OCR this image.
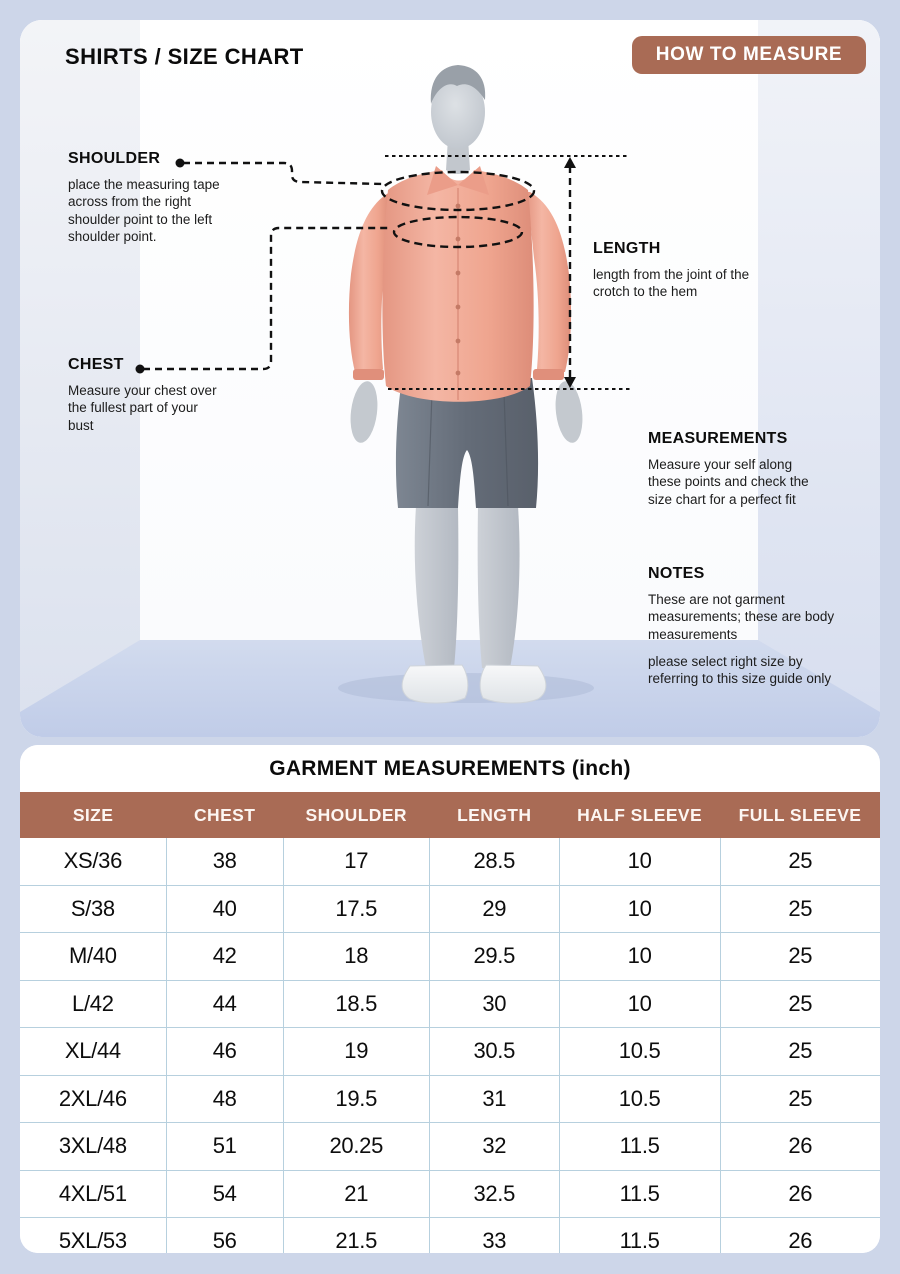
SHIRTS / SIZE CHART	HOW TO MEASURE
SHOULDER

place the measuring tape across from the right shoulder point to the left shoulder point.

CHEST

Measure your chest over the fullest part of your bust

LENGTH

length from the joint of the crotch to the hem

MEASUREMENTS

Measure your self along these points and check the size chart for a perfect fit

NOTES

These are not garment measurements; these are body measurements

please select right size by referring to this size guide only

GARMENT MEASUREMENTS (inch)
SIZE	CHEST	SHOULDER	LENGTH	HALF SLEEVE	FULL SLEEVE
XS/36	38	17	28.5	10	25
S/38	40	17.5	29	10	25
M/40	42	18	29.5	10	25
L/42	44	18.5	30	10	25
XL/44	46	19	30.5	10.5	25
2XL/46	48	19.5	31	10.5	25
3XL/48	51	20.25	32	11.5	26
4XL/51	54	21	32.5	11.5	26
5XL/53	56	21.5	33	11.5	26
